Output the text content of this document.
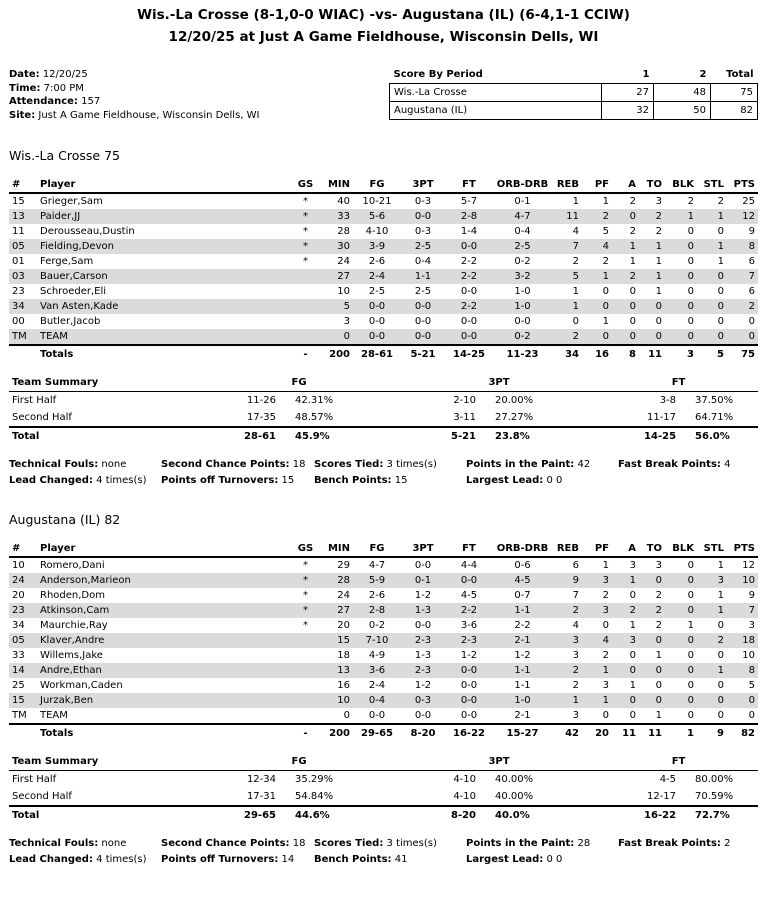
Wis.-La Crosse (8-1,0-0 WIAC) -vs- Augustana (IL) (6-4,1-1 CCIW)
12/20/25 at Just A Game Fieldhouse, Wisconsin Dells, WI
Date: 12/20/25
Time: 7:00 PM
Attendance: 157
Site: Just A Game Fieldhouse, Wisconsin Dells, WI
Score By Period	1	2	Total
Wis.-La Crosse	27	48	75
Augustana (IL)	32	50	82
Wis.-La Crosse 75
#	Player	GS	MIN	FG	3PT	FT	ORB-DRB	REB	PF	A	TO	BLK	STL	PTS
15	Grieger,Sam	*	40	10-21	0-3	5-7	0-1	1	1	2	3	2	2	25
13	Paider,JJ	*	33	5-6	0-0	2-8	4-7	11	2	0	2	1	1	12
11	Derousseau,Dustin	*	28	4-10	0-3	1-4	0-4	4	5	2	2	0	0	9
05	Fielding,Devon	*	30	3-9	2-5	0-0	2-5	7	4	1	1	0	1	8
01	Ferge,Sam	*	24	2-6	0-4	2-2	0-2	2	2	1	1	0	1	6
03	Bauer,Carson		27	2-4	1-1	2-2	3-2	5	1	2	1	0	0	7
23	Schroeder,Eli		10	2-5	2-5	0-0	1-0	1	0	0	1	0	0	6
34	Van Asten,Kade		5	0-0	0-0	2-2	1-0	1	0	0	0	0	0	2
00	Butler,Jacob		3	0-0	0-0	0-0	0-0	0	1	0	0	0	0	0
TM	TEAM		0	0-0	0-0	0-0	0-2	2	0	0	0	0	0	0
	Totals	-	200	28-61	5-21	14-25	11-23	34	16	8	11	3	5	75
Team Summary	FG		3PT		FT	
First Half	11-26	42.31%	2-10	20.00%	3-8	37.50%
Second Half	17-35	48.57%	3-11	27.27%	11-17	64.71%
Total	28-61	45.9%	5-21	23.8%	14-25	56.0%
Technical Fouls: none	Second Chance Points: 18 Scores Tied: 3 times(s)	Points in the Paint: 42	Fast Break Points: 4
Lead Changed: 4 times(s)	Points off Turnovers: 15	Bench Points: 15	Largest Lead: 0 0
Augustana (IL) 82
#	Player	GS	MIN	FG	3PT	FT	ORB-DRB	REB	PF	A	TO	BLK	STL	PTS
10	Romero,Dani	*	29	4-7	0-0	4-4	0-6	6	1	3	3	0	1	12
24	Anderson,Marieon	*	28	5-9	0-1	0-0	4-5	9	3	1	0	0	3	10
20	Rhoden,Dom	*	24	2-6	1-2	4-5	0-7	7	2	0	2	0	1	9
23	Atkinson,Cam	*	27	2-8	1-3	2-2	1-1	2	3	2	2	0	1	7
34	Maurchie,Ray	*	20	0-2	0-0	3-6	2-2	4	0	1	2	1	0	3
05	Klaver,Andre		15	7-10	2-3	2-3	2-1	3	4	3	0	0	2	18
33	Willems,Jake		18	4-9	1-3	1-2	1-2	3	2	0	1	0	0	10
14	Andre,Ethan		13	3-6	2-3	0-0	1-1	2	1	0	0	0	1	8
25	Workman,Caden		16	2-4	1-2	0-0	1-1	2	3	1	0	0	0	5
15	Jurzak,Ben		10	0-4	0-3	0-0	1-0	1	1	0	0	0	0	0
TM	TEAM		0	0-0	0-0	0-0	2-1	3	0	0	1	0	0	0
	Totals	-	200	29-65	8-20	16-22	15-27	42	20	11	11	1	9	82
Team Summary	FG		3PT		FT	
First Half	12-34	35.29%	4-10	40.00%	4-5	80.00%
Second Half	17-31	54.84%	4-10	40.00%	12-17	70.59%
Total	29-65	44.6%	8-20	40.0%	16-22	72.7%
Technical Fouls: none	Second Chance Points: 18 Scores Tied: 3 times(s)	Points in the Paint: 28	Fast Break Points: 2
Lead Changed: 4 times(s)	Points off Turnovers: 14	Bench Points: 41	Largest Lead: 0 0
